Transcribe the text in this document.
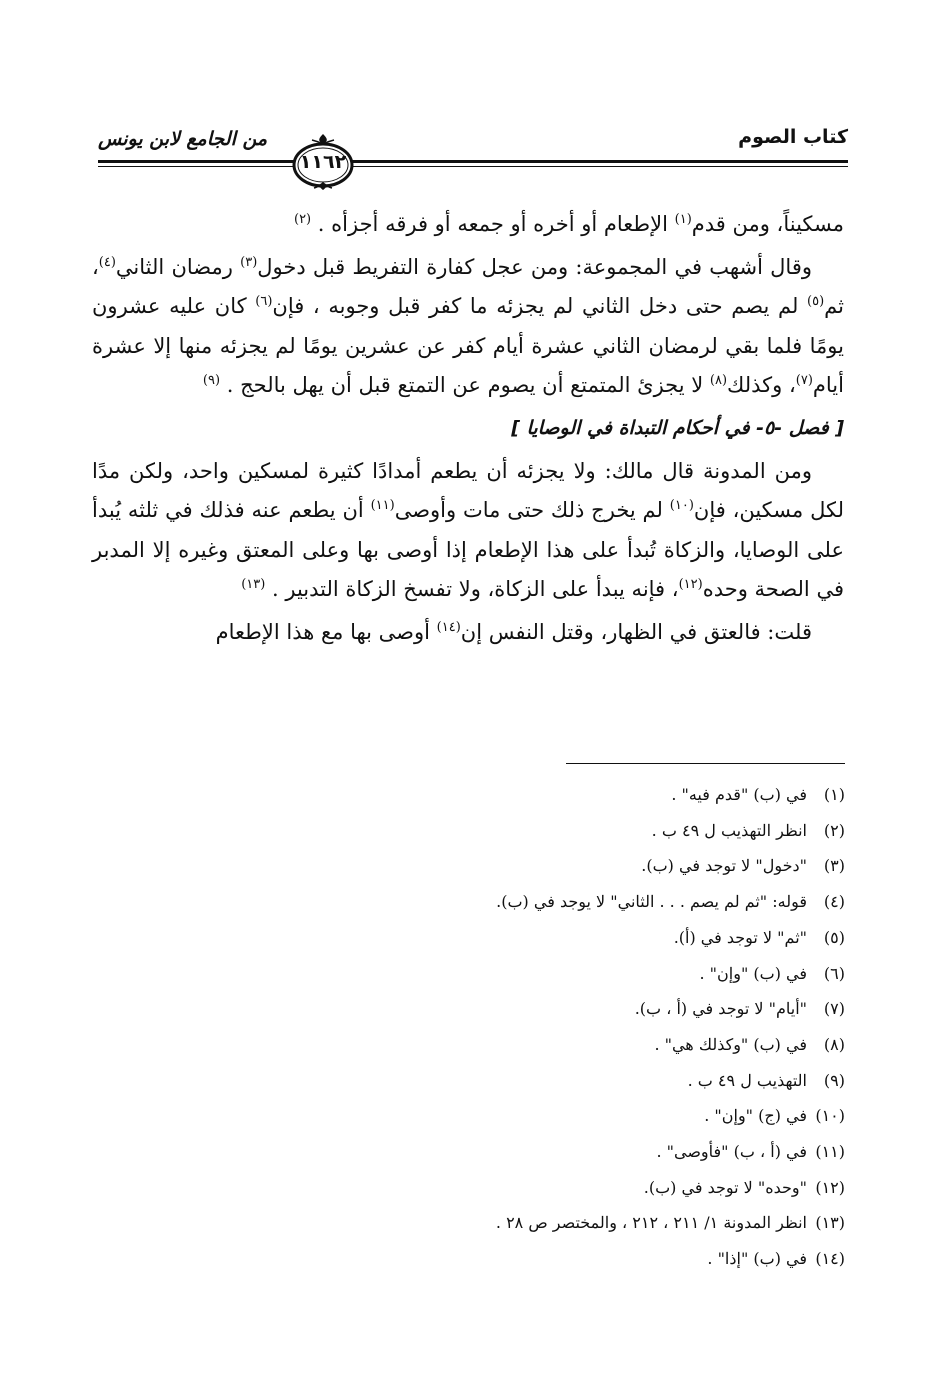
كتاب الصوم
من الجامع لابن يونس
١١٦٢

مسكيناً، ومن قدم$^{(١)}$ الإطعام أو أخره أو جمعه أو فرقه أجزأه . $^{(٢)}$

وقال أشهب في المجموعة: ومن عجل كفارة التفريط قبل دخول$^{(٣)}$ رمضان الثاني$^{(٤)}$، ثم$^{(٥)}$ لم يصم حتى دخل الثاني لم يجزئه ما كفر قبل وجوبه ، فإن$^{(٦)}$ كان عليه عشرون يومًا فلما بقي لرمضان الثاني عشرة أيام كفر عن عشرين يومًا لم يجزئه منها إلا عشرة أيام$^{(٧)}$، وكذلك$^{(٨)}$ لا يجزئ المتمتع أن يصوم عن التمتع قبل أن يهل بالحج . $^{(٩)}$

[ فصل -٥- في أحكام التبداة في الوصايا ]

ومن المدونة قال مالك: ولا يجزئه أن يطعم أمدادًا كثيرة لمسكين واحد، ولكن مدًا لكل مسكين، فإن$^{(١٠)}$ لم يخرج ذلك حتى مات وأوصى$^{(١١)}$ أن يطعم عنه فذلك في ثلثه يُبدأ على الوصايا، والزكاة تُبدأ على هذا الإطعام إذا أوصى بها وعلى المعتق وغيره إلا المدبر في الصحة وحده$^{(١٢)}$، فإنه يبدأ على الزكاة، ولا تفسخ الزكاة التدبير . $^{(١٣)}$

قلت: فالعتق في الظهار، وقتل النفس إن$^{(١٤)}$ أوصى بها مع هذا الإطعام

(١)في (ب) "قدم فيه" .
(٢)انظر التهذيب ل ٤٩ ب .
(٣)"دخول" لا توجد في (ب).
(٤)قوله: "ثم لم يصم . . . الثاني" لا يوجد في (ب).
(٥)"ثم" لا توجد في (أ).
(٦)في (ب) "وإن" .
(٧)"أيام" لا توجد في (أ ، ب).
(٨)في (ب) "وكذلك هي" .
(٩)التهذيب ل ٤٩ ب .
(١٠)في (ج) "وإن" .
(١١)في (أ ، ب) "فأوصى" .
(١٢)"وحده" لا توجد في (ب).
(١٣)انظر المدونة ١/ ٢١١ ، ٢١٢ ، والمختصر ص ٢٨ .
(١٤)في (ب) "إذا" .
